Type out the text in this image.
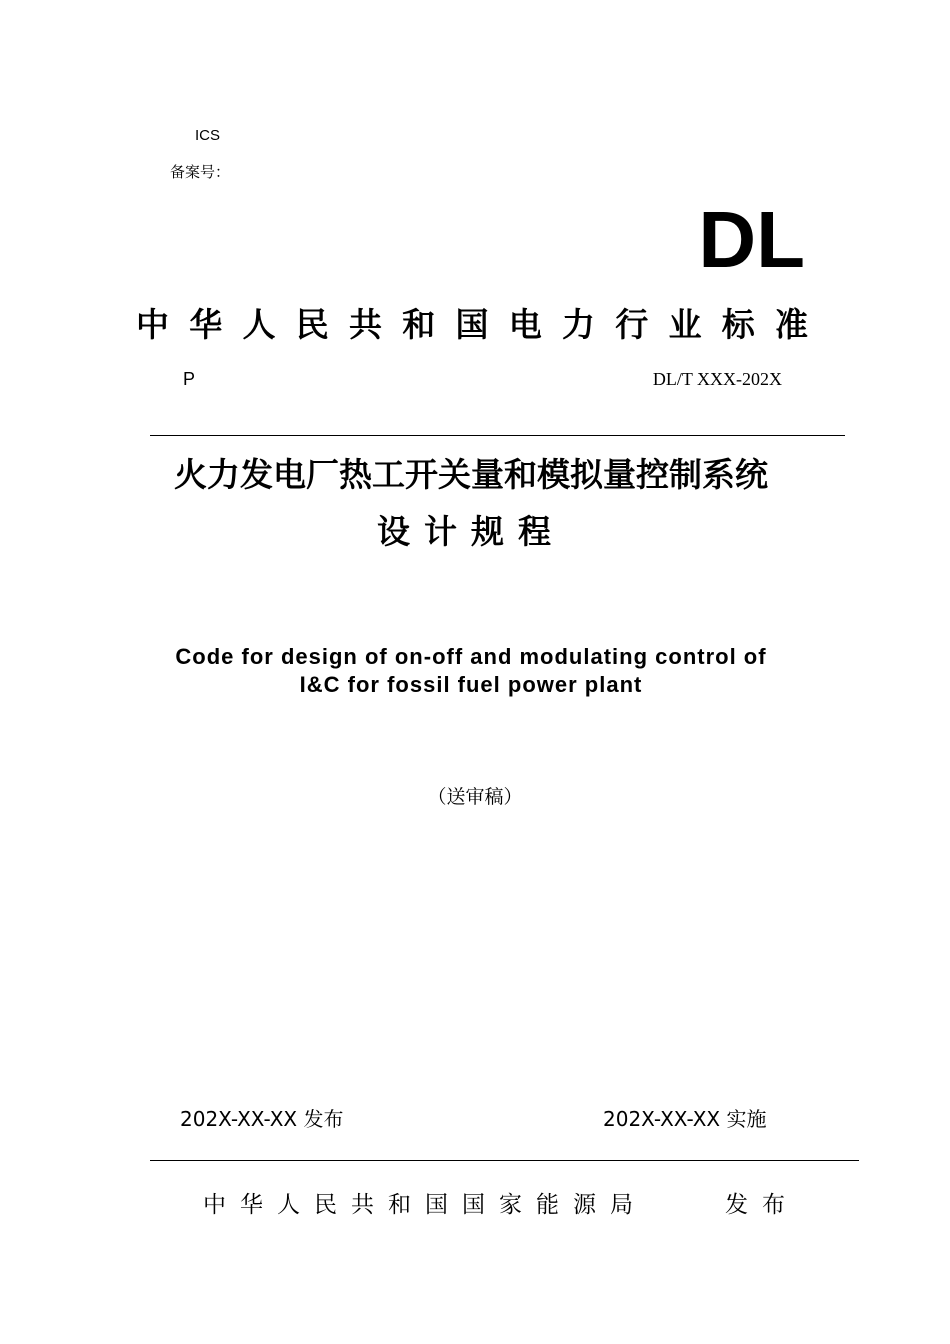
ICS
备案号：
DL
中 华 人 民 共 和 国 电 力 行 业 标 准
P	DL/T XXX-202X
火力发电厂热工开关量和模拟量控制系统
设计规程
Code for design of on-off and modulating control of
I&C for fossil fuel power plant
（送审稿）
202X-XX-XX 发布	202X-XX-XX 实施
中华人民共和国国家能源局	发布
